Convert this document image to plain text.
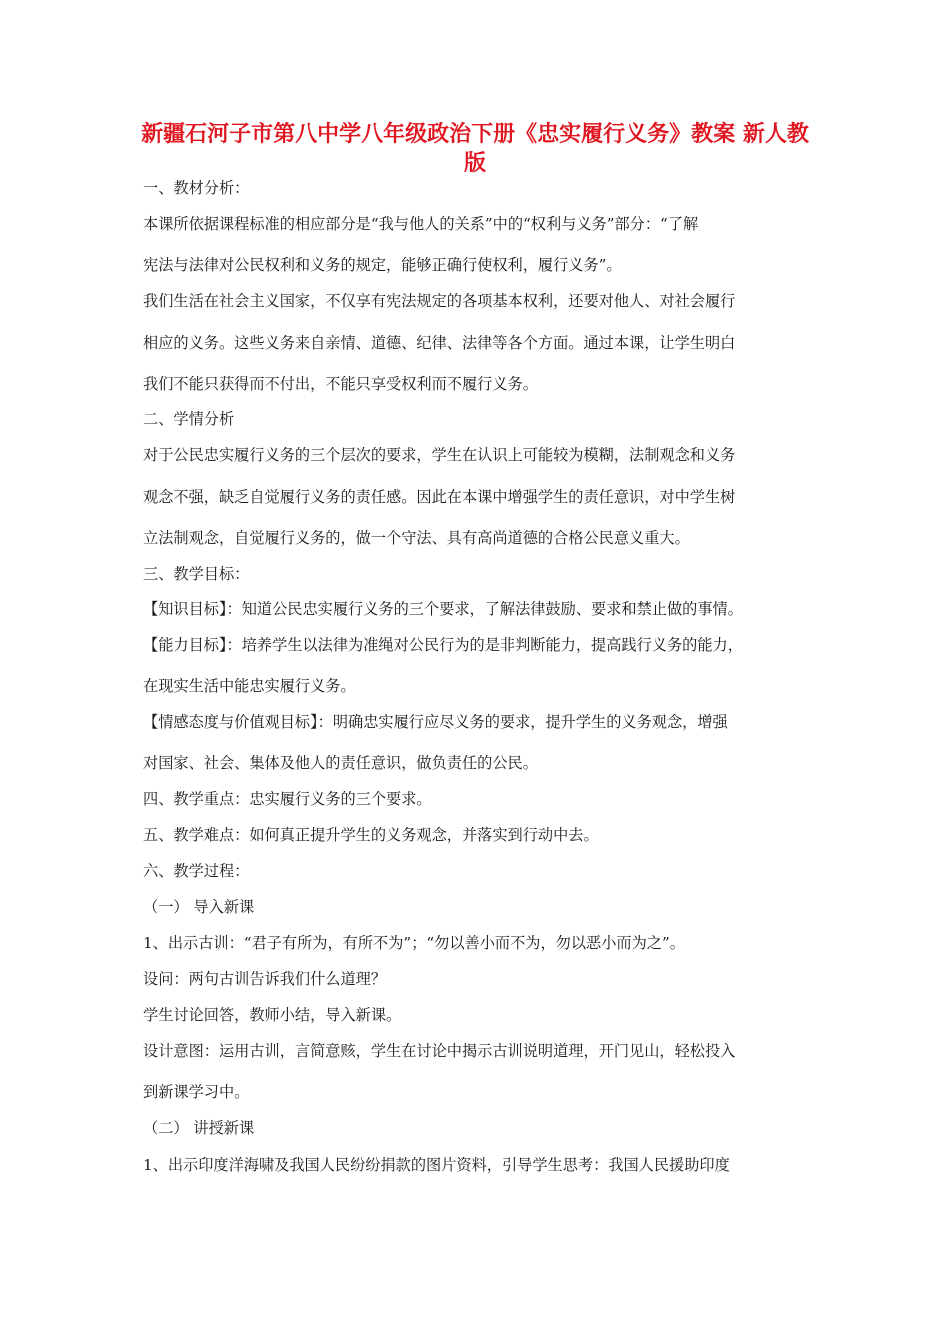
新疆石河子市第八中学八年级政治下册《忠实履行义务》教案 新人教版
一、教材分析：
本课所依据课程标准的相应部分是“我与他人的关系”中的“权利与义务”部分：“了解
宪法与法律对公民权利和义务的规定，能够正确行使权利，履行义务”。
我们生活在社会主义国家，不仅享有宪法规定的各项基本权利，还要对他人、对社会履行
相应的义务。这些义务来自亲情、道德、纪律、法律等各个方面。通过本课，让学生明白
我们不能只获得而不付出，不能只享受权利而不履行义务。
二、学情分析
对于公民忠实履行义务的三个层次的要求，学生在认识上可能较为模糊，法制观念和义务
观念不强，缺乏自觉履行义务的责任感。因此在本课中增强学生的责任意识，对中学生树
立法制观念，自觉履行义务的，做一个守法、具有高尚道德的合格公民意义重大。
三、教学目标：
【知识目标】：知道公民忠实履行义务的三个要求，了解法律鼓励、要求和禁止做的事情。
【能力目标】：培养学生以法律为准绳对公民行为的是非判断能力，提高践行义务的能力，
在现实生活中能忠实履行义务。
【情感态度与价值观目标】：明确忠实履行应尽义务的要求，提升学生的义务观念，增强
对国家、社会、集体及他人的责任意识，做负责任的公民。
四、教学重点：忠实履行义务的三个要求。
五、教学难点：如何真正提升学生的义务观念，并落实到行动中去。
六、教学过程：
（一） 导入新课
1、出示古训：“君子有所为，有所不为”；“勿以善小而不为，勿以恶小而为之”。
设问：两句古训告诉我们什么道理？
学生讨论回答，教师小结，导入新课。
设计意图：运用古训，言简意赅，学生在讨论中揭示古训说明道理，开门见山，轻松投入
到新课学习中。
（二） 讲授新课
1、出示印度洋海啸及我国人民纷纷捐款的图片资料，引导学生思考：我国人民援助印度
